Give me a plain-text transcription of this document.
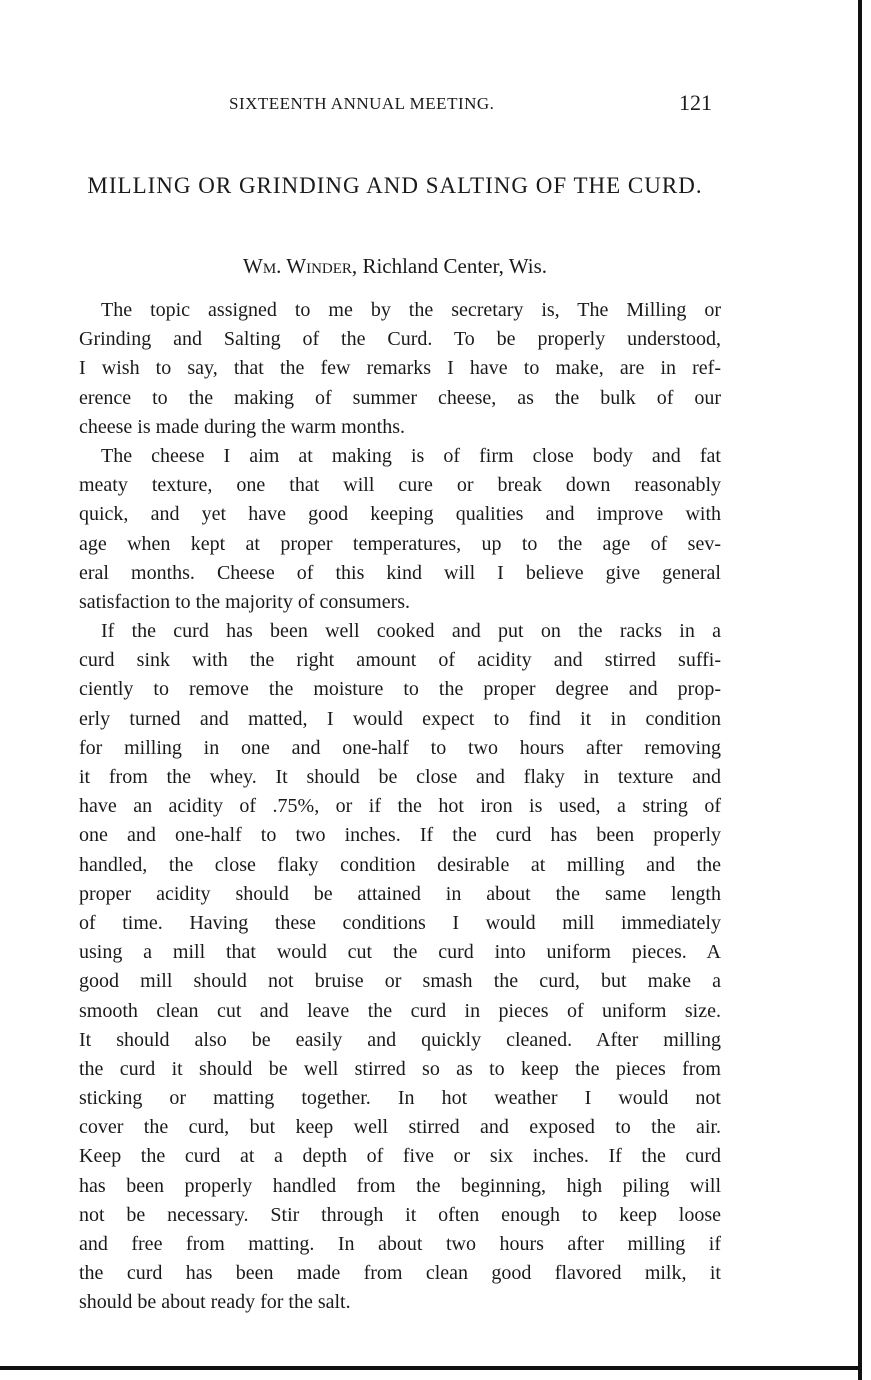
SIXTEENTH ANNUAL MEETING.	121
MILLING OR GRINDING AND SALTING OF THE CURD.
Wm. Winder, Richland Center, Wis.
The topic assigned to me by the secretary is, The Milling or
Grinding and Salting of the Curd. To be properly understood,
I wish to say, that the few remarks I have to make, are in ref-
erence to the making of summer cheese, as the bulk of our
cheese is made during the warm months.
The cheese I aim at making is of firm close body and fat
meaty texture, one that will cure or break down reasonably
quick, and yet have good keeping qualities and improve with
age when kept at proper temperatures, up to the age of sev-
eral months. Cheese of this kind will I believe give general
satisfaction to the majority of consumers.
If the curd has been well cooked and put on the racks in a
curd sink with the right amount of acidity and stirred suffi-
ciently to remove the moisture to the proper degree and prop-
erly turned and matted, I would expect to find it in condition
for milling in one and one-half to two hours after removing
it from the whey. It should be close and flaky in texture and
have an acidity of .75%, or if the hot iron is used, a string of
one and one-half to two inches. If the curd has been properly
handled, the close flaky condition desirable at milling and the
proper acidity should be attained in about the same length
of time. Having these conditions I would mill immediately
using a mill that would cut the curd into uniform pieces. A
good mill should not bruise or smash the curd, but make a
smooth clean cut and leave the curd in pieces of uniform size.
It should also be easily and quickly cleaned. After milling
the curd it should be well stirred so as to keep the pieces from
sticking or matting together. In hot weather I would not
cover the curd, but keep well stirred and exposed to the air.
Keep the curd at a depth of five or six inches. If the curd
has been properly handled from the beginning, high piling will
not be necessary. Stir through it often enough to keep loose
and free from matting. In about two hours after milling if
the curd has been made from clean good flavored milk, it
should be about ready for the salt.
